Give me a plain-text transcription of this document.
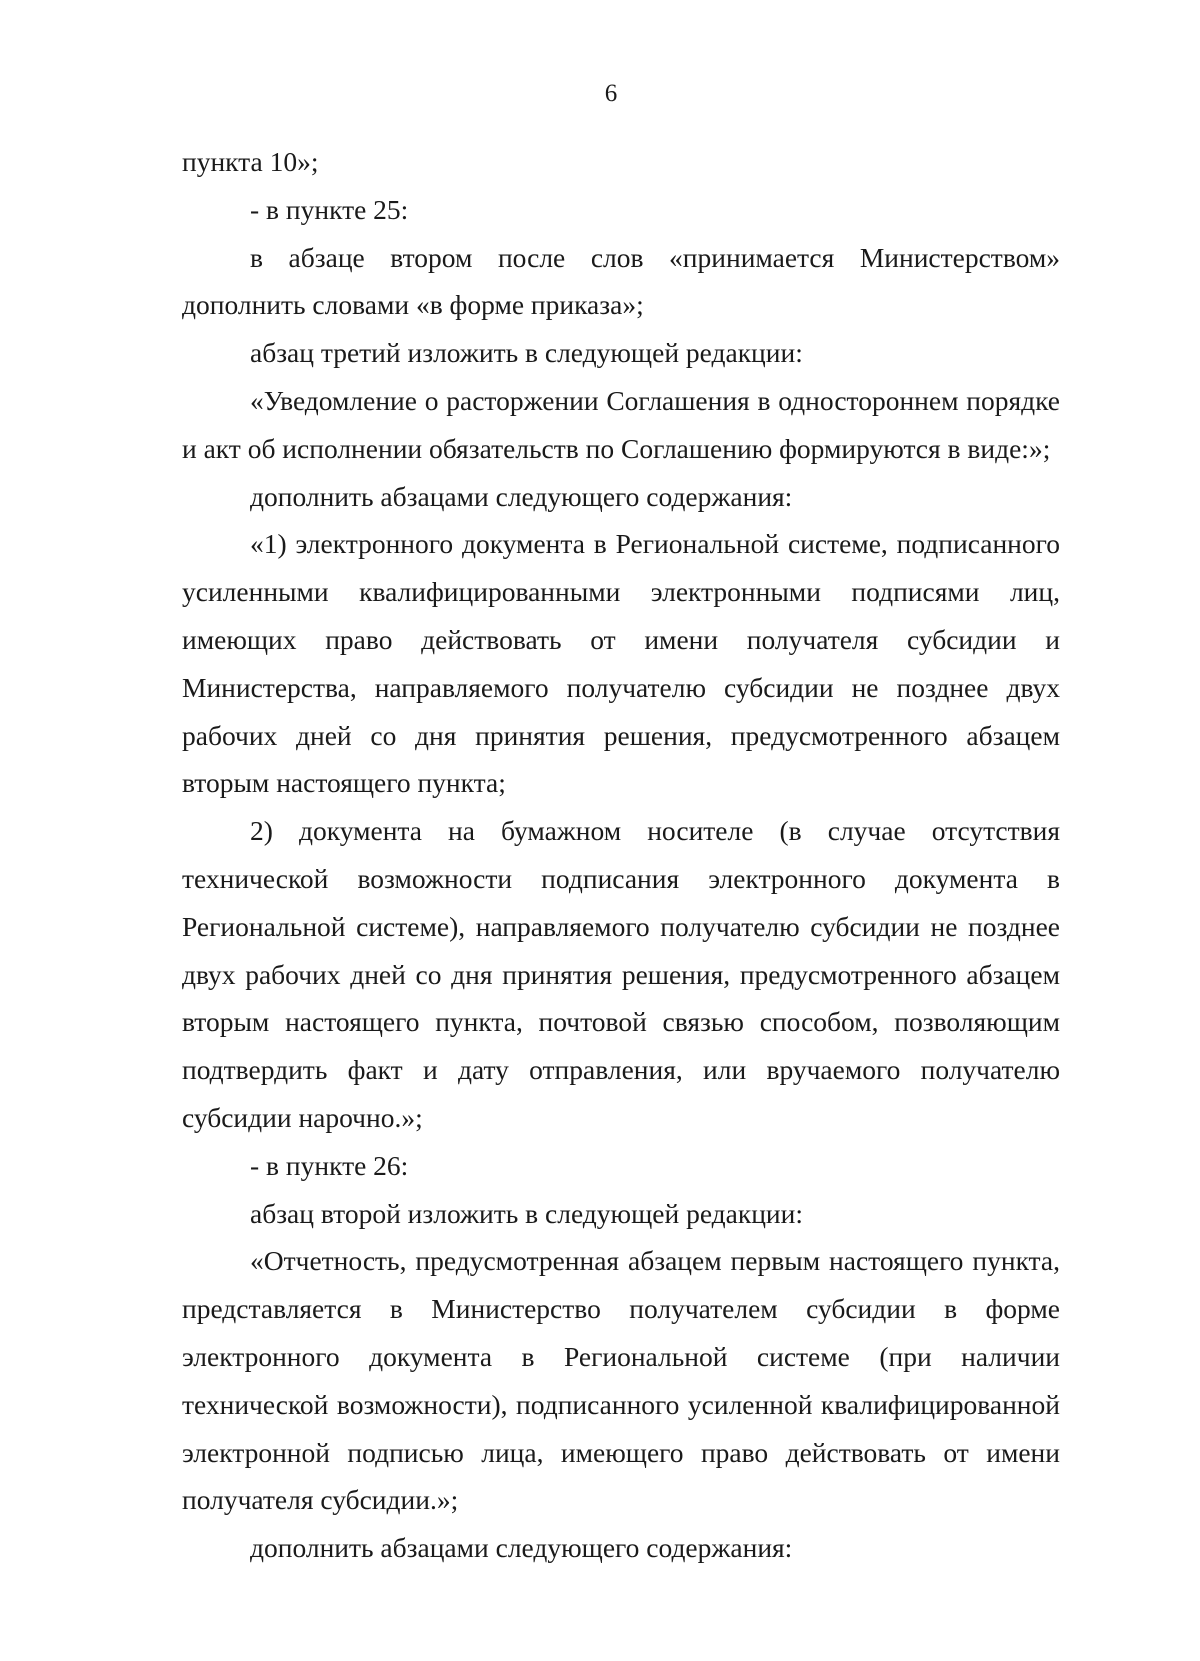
6

пункта 10»;

- в пункте 25:

в абзаце втором после слов «принимается Министерством» дополнить словами «в форме приказа»;

абзац третий изложить в следующей редакции:

«Уведомление о расторжении Соглашения в одностороннем порядке и акт об исполнении обязательств по Соглашению формируются в виде:»;

дополнить абзацами следующего содержания:

«1) электронного документа в Региональной системе, подписанного усиленными квалифицированными электронными подписями лиц, имеющих право действовать от имени получателя субсидии и Министерства, направляемого получателю субсидии не позднее двух рабочих дней со дня принятия решения, предусмотренного абзацем вторым настоящего пункта;

2) документа на бумажном носителе (в случае отсутствия технической возможности подписания электронного документа в Региональной системе), направляемого получателю субсидии не позднее двух рабочих дней со дня принятия решения, предусмотренного абзацем вторым настоящего пункта, почтовой связью способом, позволяющим подтвердить факт и дату отправления, или вручаемого получателю субсидии нарочно.»;

- в пункте 26:

абзац второй изложить в следующей редакции:

«Отчетность, предусмотренная абзацем первым настоящего пункта, представляется в Министерство получателем субсидии в форме электронного документа в Региональной системе (при наличии технической возможности), подписанного усиленной квалифицированной электронной подписью лица, имеющего право действовать от имени получателя субсидии.»;

дополнить абзацами следующего содержания:
